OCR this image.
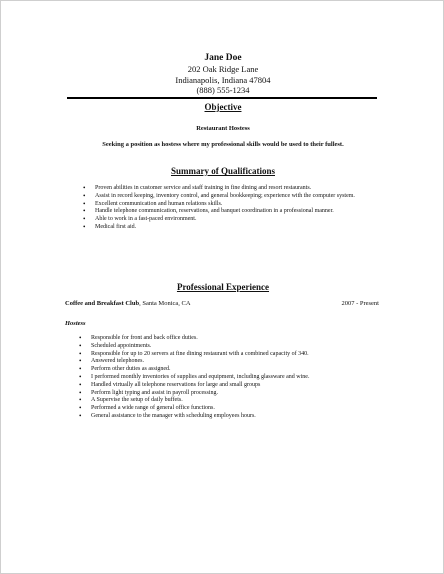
Jane Doe
202 Oak Ridge Lane
Indianapolis, Indiana 47804
(888) 555-1234
Objective
Restaurant Hostess
Seeking a position as hostess where my professional skills would be used to their fullest.
Summary of Qualifications
• Proven abilities in customer service and staff training in fine dining and resort restaurants.
• Assist in record keeping, inventory control, and general bookkeeping; experience with the computer system.
• Excellent communication and human relations skills.
• Handle telephone communication, reservations, and banquet coordination in a professional manner.
• Able to work in a fast-paced environment.
• Medical first aid.
Professional Experience
Coffee and Breakfast Club, Santa Monica, CA	2007 - Present
Hostess
• Responsible for front and back office duties.
• Scheduled appointments.
• Responsible for up to 20 servers at fine dining restaurant with a combined capacity of 340.
• Answered telephones.
• Perform other duties as assigned.
• I performed monthly inventories of supplies and equipment, including glassware and wine.
• Handled virtually all telephone reservations for large and small groups
• Perform light typing and assist in payroll processing.
• A Supervise the setup of daily buffets.
• Performed a wide range of general office functions.
• General assistance to the manager with scheduling employees hours.
